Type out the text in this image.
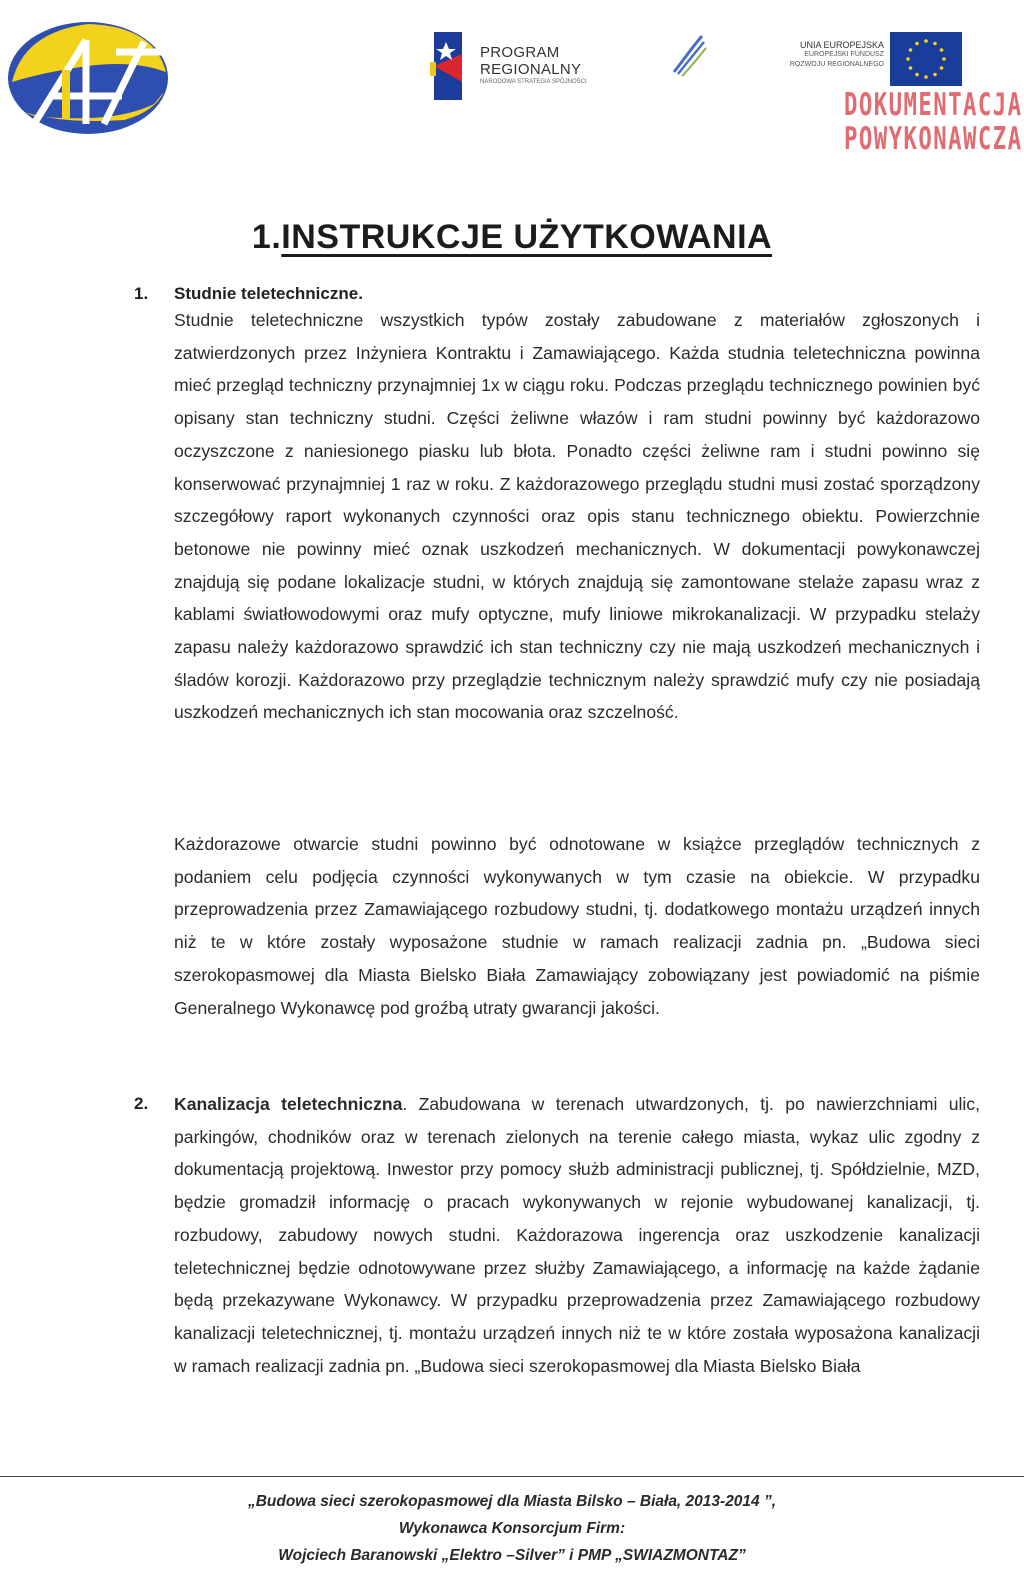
PROGRAM
REGIONALNY
NARODOWA STRATEGIA SPÓJNOŚCI
UNIA EUROPEJSKA
EUROPEJSKI FUNDUSZ
ROZWOJU REGIONALNEGO
DOKUMENTACJA
POWYKONAWCZA
1.INSTRUKCJE UŻYTKOWANIA
1. Studnie teletechniczne.

Studnie teletechniczne wszystkich typów zostały zabudowane z materiałów zgłoszonych i zatwierdzonych przez Inżyniera Kontraktu i Zamawiającego. Każda studnia teletechniczna powinna mieć przegląd techniczny przynajmniej 1x w ciągu roku. Podczas przeglądu technicznego powinien być opisany stan techniczny studni. Części żeliwne włazów i ram studni powinny być każdorazowo oczyszczone z naniesionego piasku lub błota. Ponadto części żeliwne ram i studni powinno się konserwować przynajmniej 1 raz w roku. Z każdorazowego przeglądu studni musi zostać sporządzony szczegółowy raport wykonanych czynności oraz opis stanu technicznego obiektu. Powierzchnie betonowe nie powinny mieć oznak uszkodzeń mechanicznych. W dokumentacji powykonawczej znajdują się podane lokalizacje studni, w których znajdują się zamontowane stelaże zapasu wraz z kablami światłowodowymi oraz mufy optyczne, mufy liniowe mikrokanalizacji. W przypadku stelaży zapasu należy każdorazowo sprawdzić ich stan techniczny czy nie mają uszkodzeń mechanicznych i śladów korozji. Każdorazowo przy przeglądzie technicznym należy sprawdzić mufy czy nie posiadają uszkodzeń mechanicznych ich stan mocowania oraz szczelność.

Każdorazowe otwarcie studni powinno być odnotowane w książce przeglądów technicznych z podaniem celu podjęcia czynności wykonywanych w tym czasie na obiekcie. W przypadku przeprowadzenia przez Zamawiającego rozbudowy studni, tj. dodatkowego montażu urządzeń innych niż te w które zostały wyposażone studnie w ramach realizacji zadnia pn. „Budowa sieci szerokopasmowej dla Miasta Bielsko Biała Zamawiający zobowiązany jest powiadomić na piśmie Generalnego Wykonawcę pod groźbą utraty gwarancji jakości.

2. Kanalizacja teletechniczna. Zabudowana w terenach utwardzonych, tj. po nawierzchniami ulic, parkingów, chodników oraz w terenach zielonych na terenie całego miasta, wykaz ulic zgodny z dokumentacją projektową. Inwestor przy pomocy służb administracji publicznej, tj. Spółdzielnie, MZD, będzie gromadził informację o pracach wykonywanych w rejonie wybudowanej kanalizacji, tj. rozbudowy, zabudowy nowych studni. Każdorazowa ingerencja oraz uszkodzenie kanalizacji teletechnicznej będzie odnotowywane przez służby Zamawiającego, a informację na każde żądanie będą przekazywane Wykonawcy. W przypadku przeprowadzenia przez Zamawiającego rozbudowy kanalizacji teletechnicznej, tj. montażu urządzeń innych niż te w które została wyposażona kanalizacji w ramach realizacji zadnia pn. „Budowa sieci szerokopasmowej dla Miasta Bielsko Biała

„Budowa sieci szerokopasmowej dla Miasta Bilsko – Biała, 2013-2014 ”,
Wykonawca Konsorcjum Firm:
Wojciech Baranowski „Elektro –Silver” i PMP „SWIAZMONTAZ”
